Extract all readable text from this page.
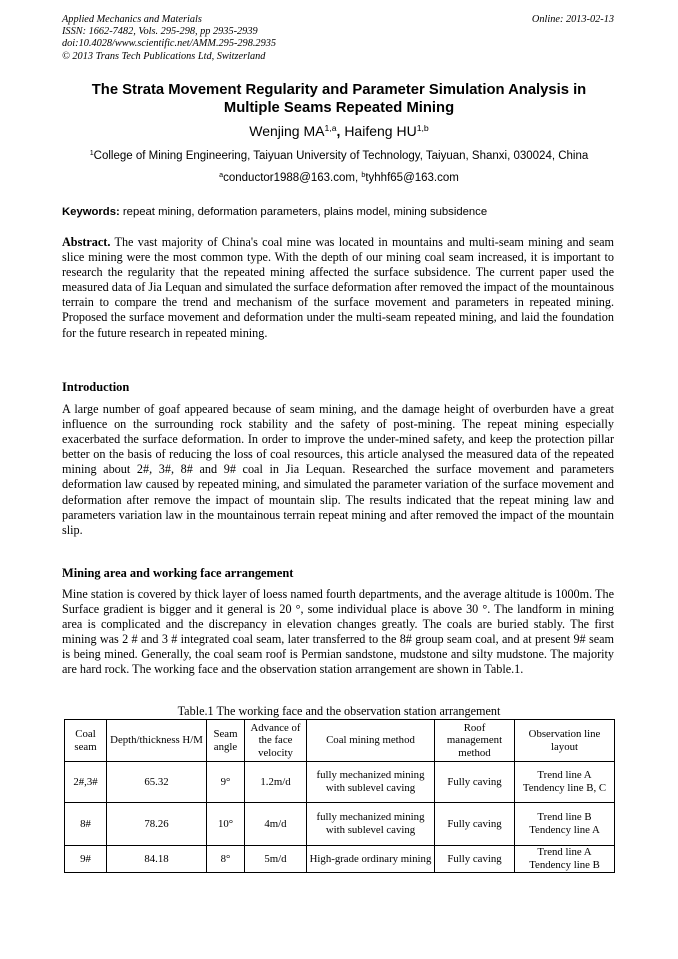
Applied Mechanics and Materials
ISSN: 1662-7482, Vols. 295-298, pp 2935-2939
doi:10.4028/www.scientific.net/AMM.295-298.2935
© 2013 Trans Tech Publications Ltd, Switzerland
Online: 2013-02-13
The Strata Movement Regularity and Parameter Simulation Analysis in
Multiple Seams Repeated Mining
Wenjing MA$^{1,a}$, Haifeng HU$^{1,b}$
$^1$College of Mining Engineering, Taiyuan University of Technology, Taiyuan, Shanxi, 030024, China
$^a$conductor1988@163.com, $^b$tyhhf65@163.com
Keywords: repeat mining, deformation parameters, plains model, mining subsidence
Abstract. The vast majority of China's coal mine was located in mountains and multi-seam mining and seam slice mining were the most common type. With the depth of our mining coal seam increased, it is important to research the regularity that the repeated mining affected the surface subsidence. The current paper used the measured data of Jia Lequan and simulated the surface deformation after removed the impact of the mountainous terrain to compare the trend and mechanism of the surface movement and parameters in repeated mining. Proposed the surface movement and deformation under the multi-seam repeated mining, and laid the foundation for the future research in repeated mining.
Introduction
A large number of goaf appeared because of seam mining, and the damage height of overburden have a great influence on the surrounding rock stability and the safety of post-mining. The repeat mining especially exacerbated the surface deformation. In order to improve the under-mined safety, and keep the protection pillar better on the basis of reducing the loss of coal resources, this article analysed the measured data of the repeated mining about 2#, 3#, 8# and 9# coal in Jia Lequan. Researched the surface movement and parameters deformation law caused by repeated mining, and simulated the parameter variation of the surface movement and deformation after remove the impact of mountain slip. The results indicated that the repeat mining law and parameters variation law in the mountainous terrain repeat mining and after removed the impact of the mountain slip.
Mining area and working face arrangement
Mine station is covered by thick layer of loess named fourth departments, and the average altitude is 1000m. The Surface gradient is bigger and it general is 20 °, some individual place is above 30 °. The landform in mining area is complicated and the discrepancy in elevation changes greatly. The coals are buried stably. The first mining was 2 # and 3 # integrated coal seam, later transferred to the 8# group seam coal, and at present 9# seam is being mined. Generally, the coal seam roof is Permian sandstone, mudstone and silty mudstone. The majority are hard rock. The working face and the observation station arrangement are shown in Table.1.
Table.1 The working face and the observation station arrangement
Coal seam	Depth/thickness H/M	Seam angle	Advance of the face velocity	Coal mining method	Roof management method	Observation line layout
2#,3#	65.32	9°	1.2m/d	fully mechanized mining with sublevel caving	Fully caving	Trend line A
Tendency line B, C

8#	78.26	10°	4m/d	fully mechanized mining with sublevel caving	Fully caving	Trend line B
Tendency line A

9#	84.18	8°	5m/d	High-grade ordinary mining	Fully caving	Trend line A
Tendency line B
